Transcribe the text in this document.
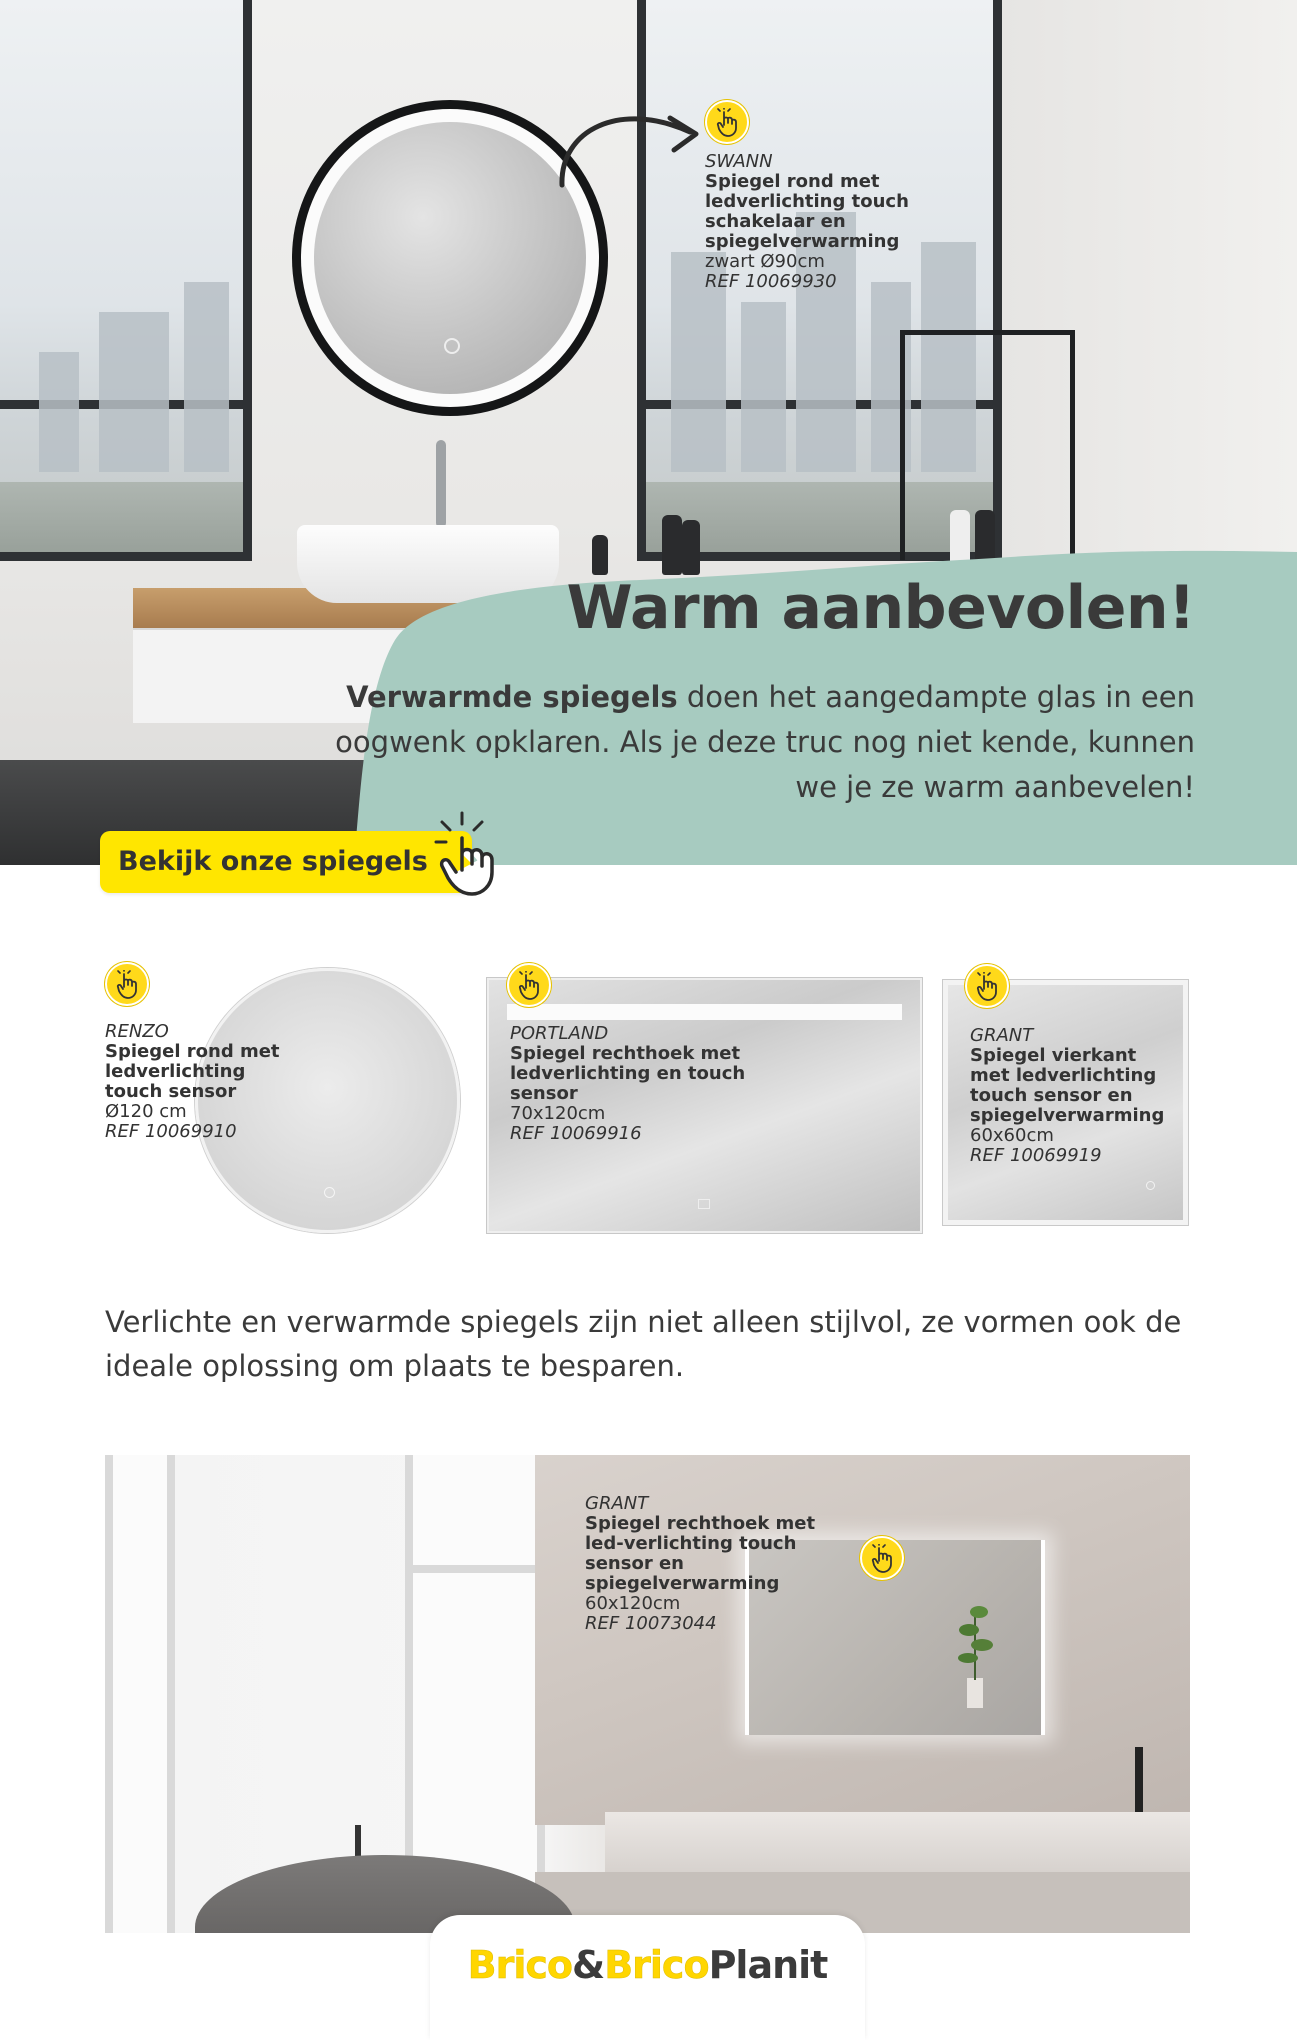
Warm aanbevolen!
Verwarmde spiegels doen het aangedampte glas in een oogwenk opklaren. Als je deze truc nog niet kende, kunnen we je ze warm aanbevelen!
SWANN
Spiegel rond met ledverlichting touch schakelaar en spiegelverwarming
zwart Ø90cm
REF 10069930
Bekijk onze spiegels
RENZO
Spiegel rond met ledverlichting touch sensor
Ø120 cm
REF 10069910
PORTLAND
Spiegel rechthoek met ledverlichting en touch sensor
70x120cm
REF 10069916
GRANT
Spiegel vierkant met ledverlichting touch sensor en spiegelverwarming
60x60cm
REF 10069919
Verlichte en verwarmde spiegels zijn niet alleen stijlvol, ze vormen ook de ideale oplossing om plaats te besparen.
GRANT
Spiegel rechthoek met led-verlichting touch sensor en spiegelverwarming
60x120cm
REF 10073044
Brico&BricoPlanit
